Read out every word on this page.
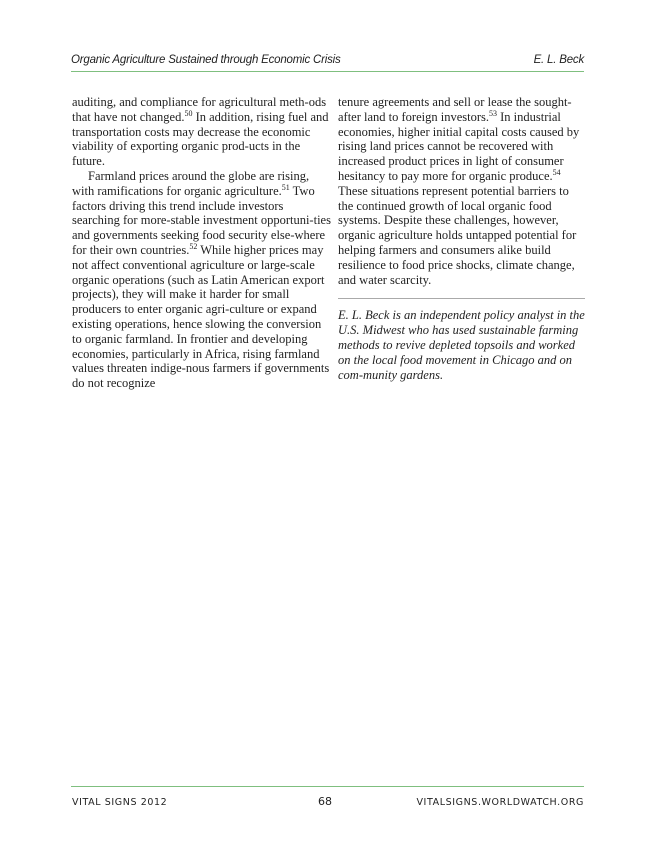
Organic Agriculture Sustained through Economic Crisis	E. L. Beck

auditing, and compliance for agricultural meth-ods that have not changed.$^{50}$ In addition, rising fuel and transportation costs may decrease the economic viability of exporting organic prod-ucts in the future.

Farmland prices around the globe are rising, with ramifications for organic agriculture.$^{51}$ Two factors driving this trend include investors searching for more-stable investment opportuni-ties and governments seeking food security else-where for their own countries.$^{52}$ While higher prices may not affect conventional agriculture or large-scale organic operations (such as Latin American export projects), they will make it harder for small producers to enter organic agri-culture or expand existing operations, hence slowing the conversion to organic farmland. In frontier and developing economies, particularly in Africa, rising farmland values threaten indige-nous farmers if governments do not recognize

tenure agreements and sell or lease the sought-after land to foreign investors.$^{53}$ In industrial economies, higher initial capital costs caused by rising land prices cannot be recovered with increased product prices in light of consumer hesitancy to pay more for organic produce.$^{54}$ These situations represent potential barriers to the continued growth of local organic food systems. Despite these challenges, however, organic agriculture holds untapped potential for helping farmers and consumers alike build resilience to food price shocks, climate change, and water scarcity.

E. L. Beck is an independent policy analyst in the U.S. Midwest who has used sustainable farming methods to revive depleted topsoils and worked on the local food movement in Chicago and on com-munity gardens.

VITAL SIGNS 2012	68	VITALSIGNS.WORLDWATCH.ORG
